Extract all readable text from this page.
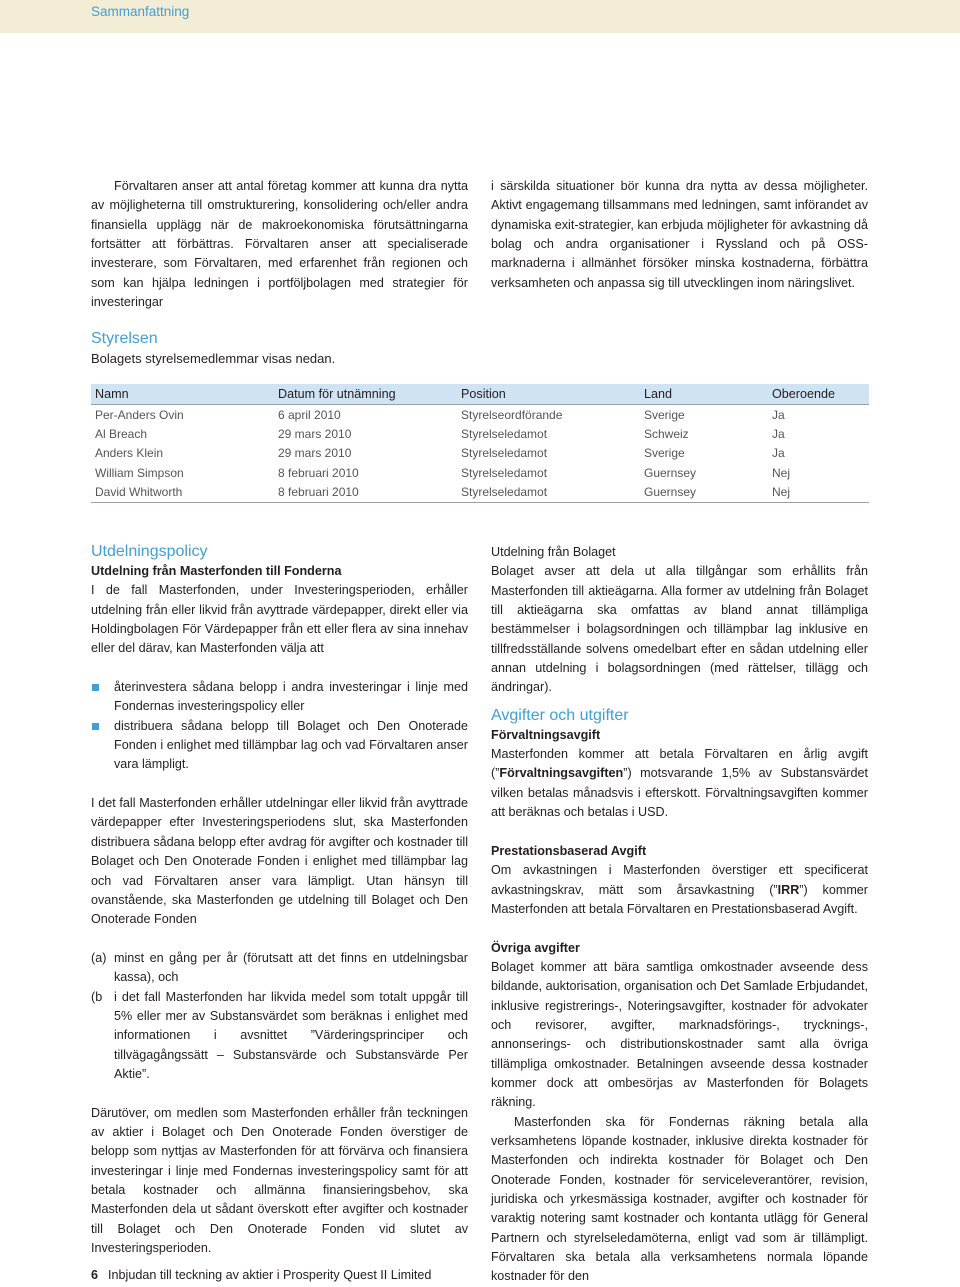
Sammanfattning

Förvaltaren anser att antal företag kommer att kunna dra nytta av möjligheterna till omstrukturering, konsolidering och/eller andra finansiella upplägg när de makroekonomiska förutsättningarna fortsätter att förbättras. Förvaltaren anser att specialiserade investerare, som Förvaltaren, med erfarenhet från regionen och som kan hjälpa ledningen i portföljbolagen med strategier för investeringar

i särskilda situationer bör kunna dra nytta av dessa möjligheter. Aktivt engagemang tillsammans med ledningen, samt införandet av dynamiska exit-strategier, kan erbjuda möjligheter för avkastning då bolag och andra organisationer i Ryssland och på OSS-marknaderna i allmänhet försöker minska kostnaderna, förbättra verksamheten och anpassa sig till utvecklingen inom näringslivet.

Styrelsen

Bolagets styrelsemedlemmar visas nedan.

Namn	Datum för utnämning	Position	Land	Oberoende
Per-Anders Ovin	6 april 2010	Styrelseordförande	Sverige	Ja
Al Breach	29 mars 2010	Styrelseledamot	Schweiz	Ja
Anders Klein	29 mars 2010	Styrelseledamot	Sverige	Ja
William Simpson	8 februari 2010	Styrelseledamot	Guernsey	Nej
David Whitworth	8 februari 2010	Styrelseledamot	Guernsey	Nej
Utdelningspolicy

Utdelning från Masterfonden till Fonderna

I de fall Masterfonden, under Investeringsperioden, erhåller utdelning från eller likvid från avyttrade värdepapper, direkt eller via Holdingbolagen För Värdepapper från ett eller flera av sina innehav eller del därav, kan Masterfonden välja att

återinvestera sådana belopp i andra investeringar i linje med Fondernas investeringspolicy eller

distribuera sådana belopp till Bolaget och Den Onoterade Fonden i enlighet med tillämpbar lag och vad Förvaltaren anser vara lämpligt.

I det fall Masterfonden erhåller utdelningar eller likvid från avyttrade värdepapper efter Investeringsperiodens slut, ska Masterfonden distribuera sådana belopp efter avdrag för avgifter och kostnader till Bolaget och Den Onoterade Fonden i enlighet med tillämpbar lag och vad Förvaltaren anser vara lämpligt. Utan hänsyn till ovanstående, ska Masterfonden ge utdelning till Bolaget och Den Onoterade Fonden

(a) minst en gång per år (förutsatt att det finns en utdelningsbar kassa), och

(b i det fall Masterfonden har likvida medel som totalt uppgår till 5% eller mer av Substansvärdet som beräknas i enlighet med informationen i avsnittet ”Värderingsprinciper och tillvägagångssätt – Substansvärde och Substansvärde Per Aktie”.

Därutöver, om medlen som Masterfonden erhåller från teckningen av aktier i Bolaget och Den Onoterade Fonden överstiger de belopp som nyttjas av Masterfonden för att förvärva och finansiera investeringar i linje med Fondernas investeringspolicy samt för att betala kostnader och allmänna finansieringsbehov, ska Masterfonden dela ut sådant överskott efter avgifter och kostnader till Bolaget och Den Onoterade Fonden vid slutet av Investeringsperioden.

Utdelning från Bolaget

Bolaget avser att dela ut alla tillgångar som erhållits från Masterfonden till aktieägarna. Alla former av utdelning från Bolaget till aktieägarna ska omfattas av bland annat tillämpliga bestämmelser i bolagsordningen och tillämpbar lag inklusive en tillfredsställande solvens omedelbart efter en sådan utdelning eller annan utdelning i bolagsordningen (med rättelser, tillägg och ändringar).

Avgifter och utgifter

Förvaltningsavgift

Masterfonden kommer att betala Förvaltaren en årlig avgift (”Förvaltningsavgiften”) motsvarande 1,5% av Substansvärdet vilken betalas månadsvis i efterskott. Förvaltningsavgiften kommer att beräknas och betalas i USD.

Prestationsbaserad Avgift

Om avkastningen i Masterfonden överstiger ett specificerat avkastningskrav, mätt som årsavkastning (”IRR”) kommer Masterfonden att betala Förvaltaren en Prestationsbaserad Avgift.

Övriga avgifter

Bolaget kommer att bära samtliga omkostnader avseende dess bildande, auktorisation, organisation och Det Samlade Erbjudandet, inklusive registrerings-, Noteringsavgifter, kostnader för advokater och revisorer, avgifter, marknadsförings-, trycknings-, annonserings- och distributionskostnader samt alla övriga tillämpliga omkostnader. Betalningen avseende dessa kostnader kommer dock att ombesörjas av Masterfonden för Bolagets räkning.

Masterfonden ska för Fondernas räkning betala alla verksamhetens löpande kostnader, inklusive direkta kostnader för Masterfonden och indirekta kostnader för Bolaget och Den Onoterade Fonden, kostnader för serviceleverantörer, revision, juridiska och yrkesmässiga kostnader, avgifter och kostnader för varaktig notering samt kostnader och kontanta utlägg för General Partnern och styrelseledamöterna, enligt vad som är tillämpligt. Förvaltaren ska betala alla verksamhetens normala löpande kostnader för den

6 Inbjudan till teckning av aktier i Prosperity Quest II Limited
